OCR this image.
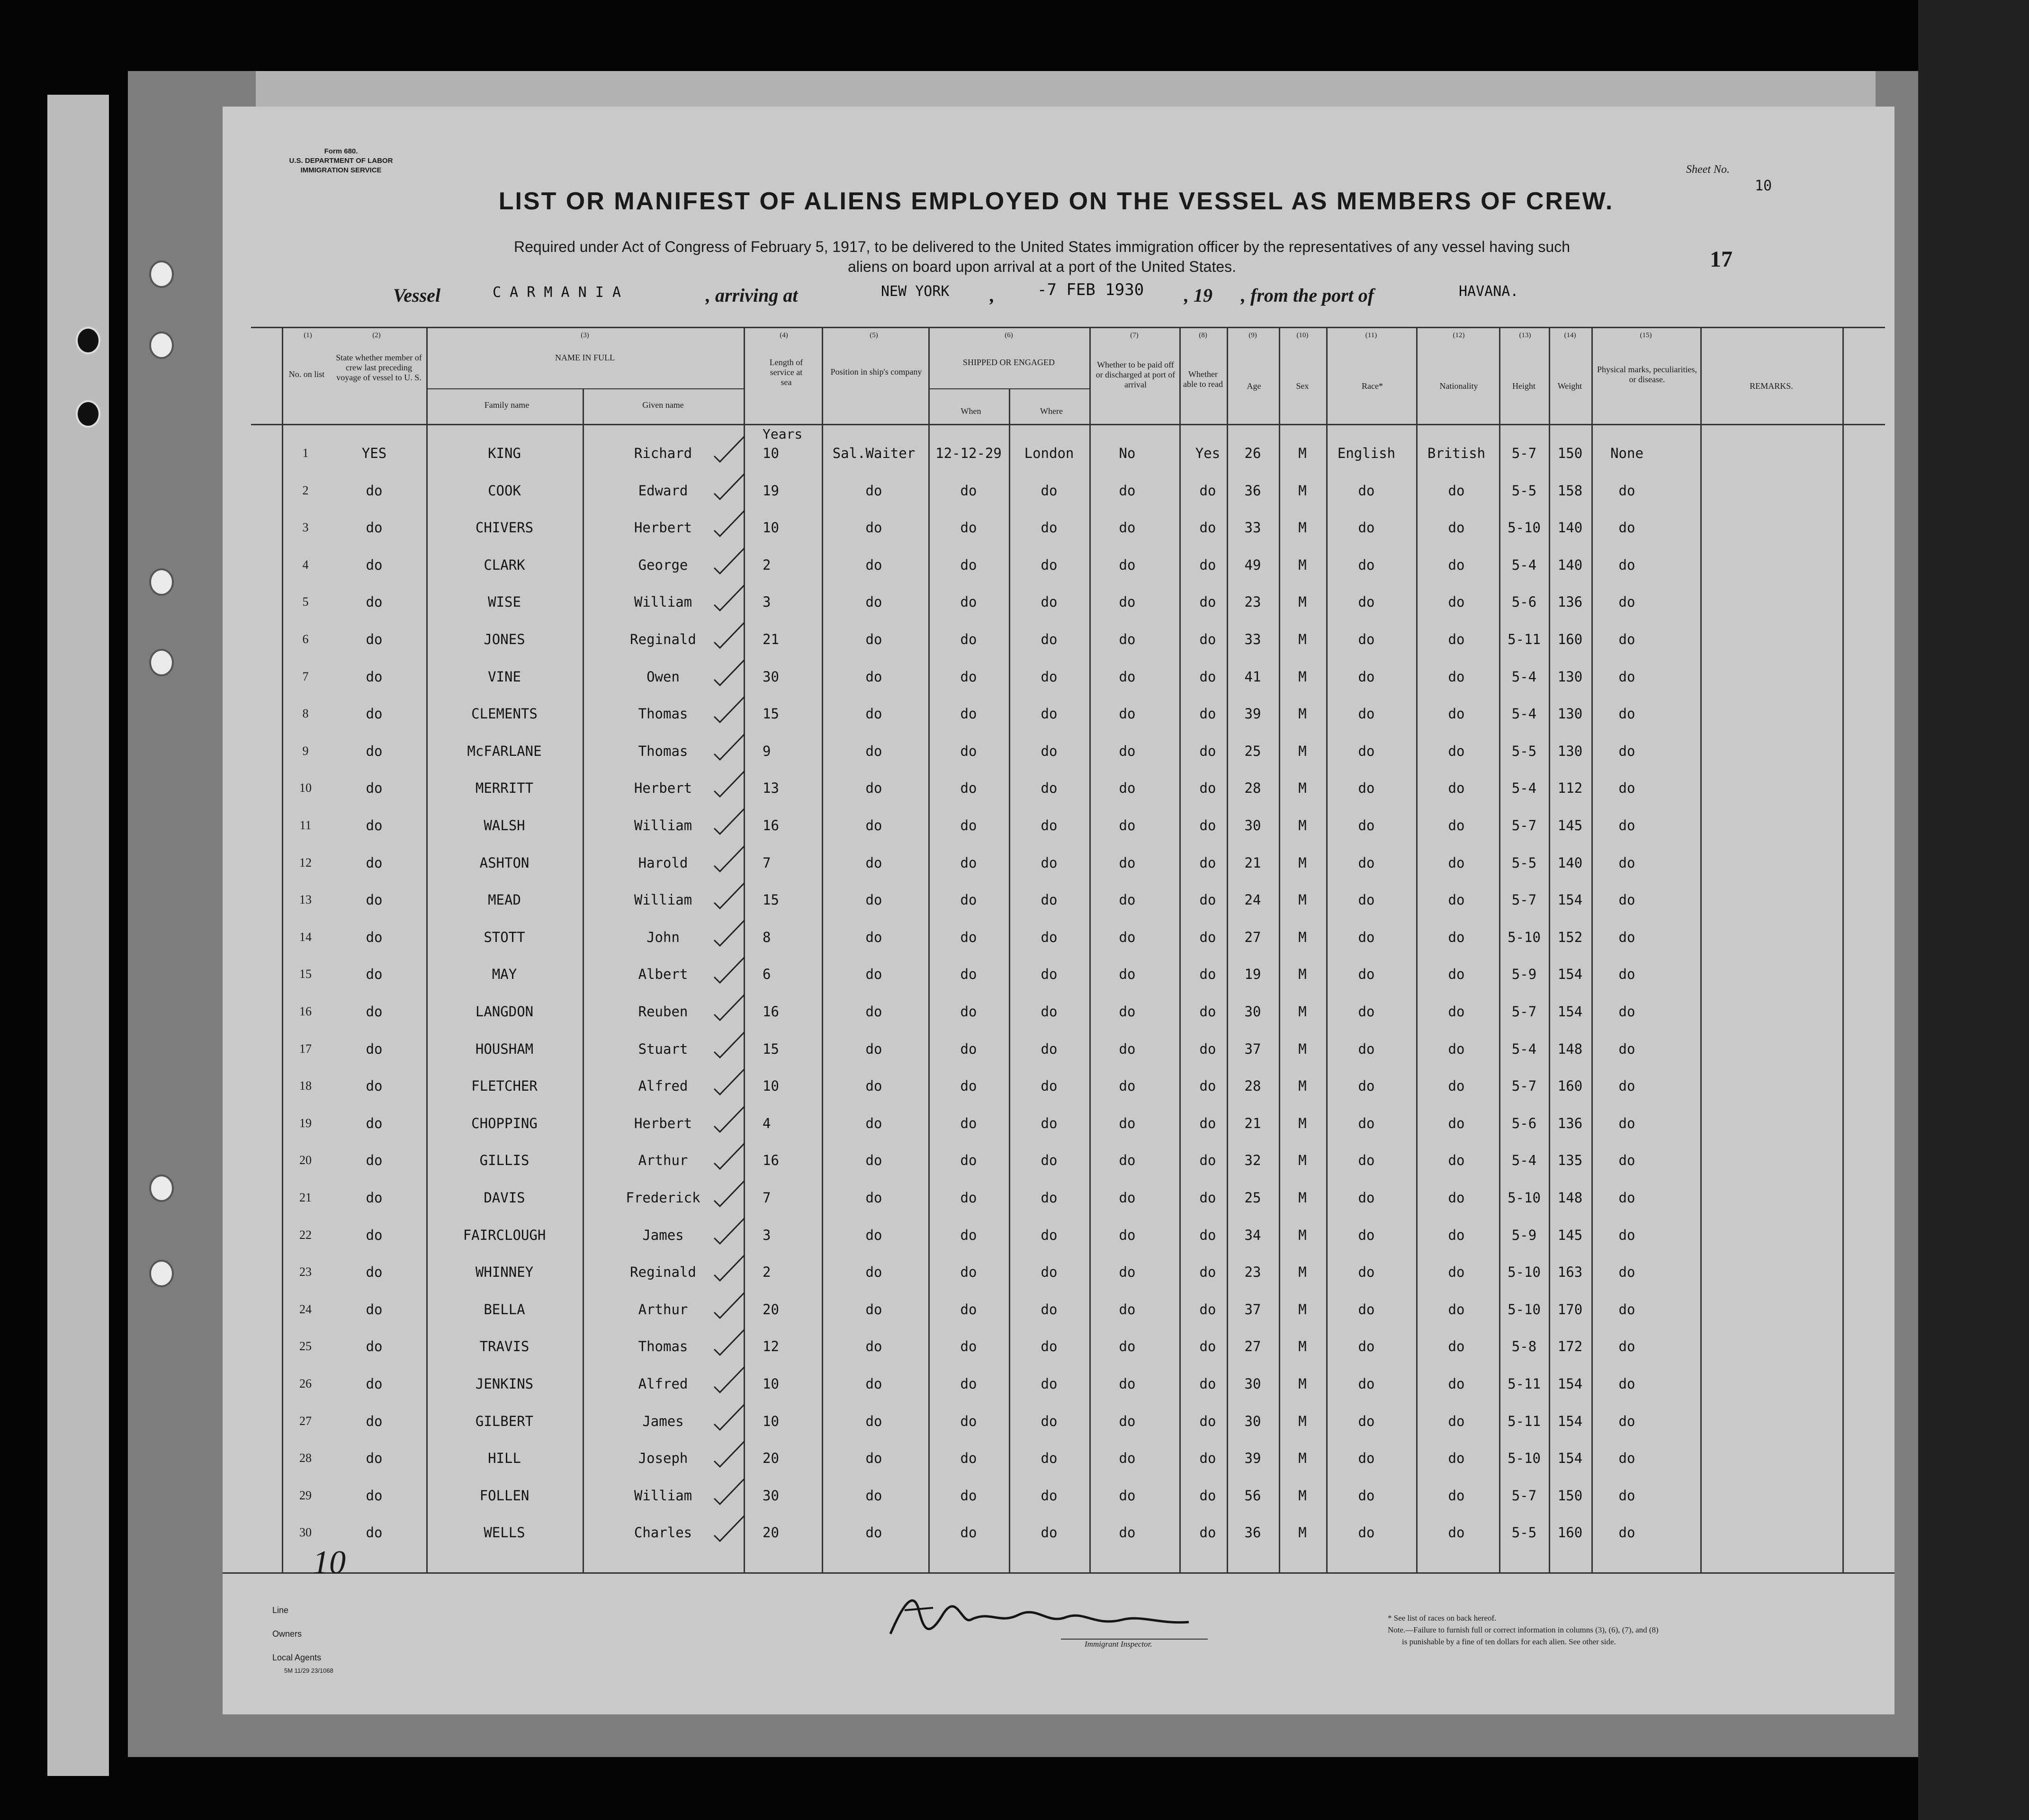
Form 680.
U.S. DEPARTMENT OF LABOR
IMMIGRATION SERVICE	Sheet No.
10
LIST OR MANIFEST OF ALIENS EMPLOYED ON THE VESSEL AS MEMBERS OF CREW.
Required under Act of Congress of February 5, 1917, to be delivered to the United States immigration officer by the representatives of any vessel having such
aliens on board upon arrival at a port of the United States.	17
Vessel	C A R M A N I A	, arriving at	NEW YORK ,	-7 FEB 1930 , 19 , from the port of	HAVANA.
(1)	(2)	(3)	(4)	(5)	(6)	(7)	(8)	(9)	(10)	(11)	(12)	(13)	(14)	(15)
No. on list
State whether member of crew last preceding voyage of vessel to U. S.
NAME IN FULL
Family name	Given name
Length of service at sea
Position in ship's company
SHIPPED OR ENGAGED
When	Where
Whether to be paid off or discharged at port of arrival
Whether able to read	Age	Sex	Race*	Nationality	Height	Weight
Physical marks, peculiarities, or disease.
REMARKS.
Years
1	YES	KING	Richard	10	Sal.Waiter	12-12-29	London	No	Yes	26	M	English	British	5-7	150	None
2	do	COOK	Edward	19	do	do	do	do	do	36	M	do	do	5-5	158	do
3	do	CHIVERS	Herbert	10	do	do	do	do	do	33	M	do	do	5-10	140	do
4	do	CLARK	George	2	do	do	do	do	do	49	M	do	do	5-4	140	do
5	do	WISE	William	3	do	do	do	do	do	23	M	do	do	5-6	136	do
6	do	JONES	Reginald	21	do	do	do	do	do	33	M	do	do	5-11	160	do
7	do	VINE	Owen	30	do	do	do	do	do	41	M	do	do	5-4	130	do
8	do	CLEMENTS	Thomas	15	do	do	do	do	do	39	M	do	do	5-4	130	do
9	do	McFARLANE	Thomas	9	do	do	do	do	do	25	M	do	do	5-5	130	do
10	do	MERRITT	Herbert	13	do	do	do	do	do	28	M	do	do	5-4	112	do
11	do	WALSH	William	16	do	do	do	do	do	30	M	do	do	5-7	145	do
12	do	ASHTON	Harold	7	do	do	do	do	do	21	M	do	do	5-5	140	do
13	do	MEAD	William	15	do	do	do	do	do	24	M	do	do	5-7	154	do
14	do	STOTT	John	8	do	do	do	do	do	27	M	do	do	5-10	152	do
15	do	MAY	Albert	6	do	do	do	do	do	19	M	do	do	5-9	154	do
16	do	LANGDON	Reuben	16	do	do	do	do	do	30	M	do	do	5-7	154	do
17	do	HOUSHAM	Stuart	15	do	do	do	do	do	37	M	do	do	5-4	148	do
18	do	FLETCHER	Alfred	10	do	do	do	do	do	28	M	do	do	5-7	160	do
19	do	CHOPPING	Herbert	4	do	do	do	do	do	21	M	do	do	5-6	136	do
20	do	GILLIS	Arthur	16	do	do	do	do	do	32	M	do	do	5-4	135	do
21	do	DAVIS	Frederick	7	do	do	do	do	do	25	M	do	do	5-10	148	do
22	do	FAIRCLOUGH	James	3	do	do	do	do	do	34	M	do	do	5-9	145	do
23	do	WHINNEY	Reginald	2	do	do	do	do	do	23	M	do	do	5-10	163	do
24	do	BELLA	Arthur	20	do	do	do	do	do	37	M	do	do	5-10	170	do
25	do	TRAVIS	Thomas	12	do	do	do	do	do	27	M	do	do	5-8	172	do
26	do	JENKINS	Alfred	10	do	do	do	do	do	30	M	do	do	5-11	154	do
27	do	GILBERT	James	10	do	do	do	do	do	30	M	do	do	5-11	154	do
28	do	HILL	Joseph	20	do	do	do	do	do	39	M	do	do	5-10	154	do
29	do	FOLLEN	William	30	do	do	do	do	do	56	M	do	do	5-7	150	do
30	do	WELLS	Charles	20	do	do	do	do	do	36	M	do	do	5-5	160	do
10
Line
Owners
Local Agents
5M 11/29 23/1068
Immigrant Inspector.
* See list of races on back hereof.
Note.—Failure to furnish full or correct information in columns (3), (6), (7), and (8)
is punishable by a fine of ten dollars for each alien. See other side.
